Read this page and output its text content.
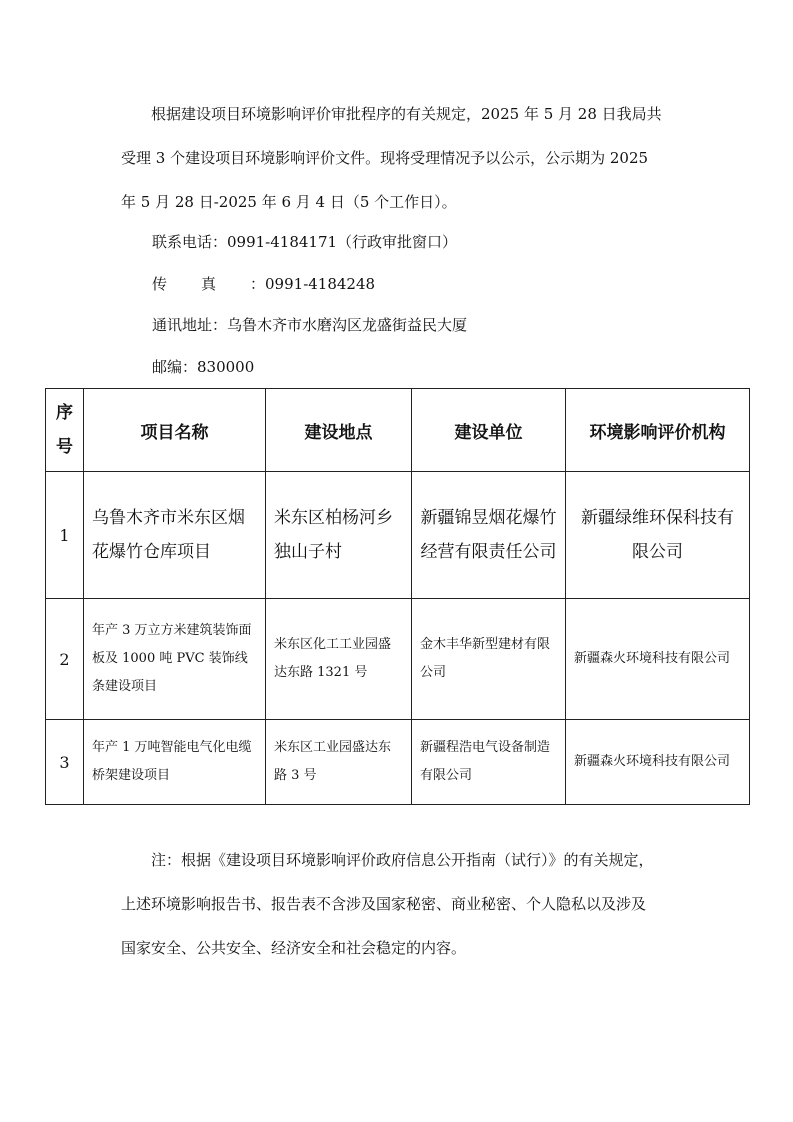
根据建设项目环境影响评价审批程序的有关规定，2025 年 5 月 28 日我局共
受理 3 个建设项目环境影响评价文件。现将受理情况予以公示，公示期为 2025
年 5 月 28 日-2025 年 6 月 4 日（5 个工作日）。
联系电话：0991-4184171（行政审批窗口）
传真：0991-4184248
通讯地址：乌鲁木齐市水磨沟区龙盛街益民大厦
邮编：830000
序
号	项目名称	建设地点	建设单位	环境影响评价机构
1	乌鲁木齐市米东区烟花爆竹仓库项目	米东区柏杨河乡独山子村	新疆锦昱烟花爆竹经营有限责任公司	新疆绿维环保科技有限公司
2	年产 3 万立方米建筑装饰面板及 1000 吨 PVC 装饰线条建设项目	米东区化工工业园盛达东路 1321 号	金木丰华新型建材有限公司	新疆森火环境科技有限公司
3	年产 1 万吨智能电气化电缆桥架建设项目	米东区工业园盛达东路 3 号	新疆程浩电气设备制造有限公司	新疆森火环境科技有限公司
注：根据《建设项目环境影响评价政府信息公开指南（试行）》的有关规定，
上述环境影响报告书、报告表不含涉及国家秘密、商业秘密、个人隐私以及涉及
国家安全、公共安全、经济安全和社会稳定的内容。
